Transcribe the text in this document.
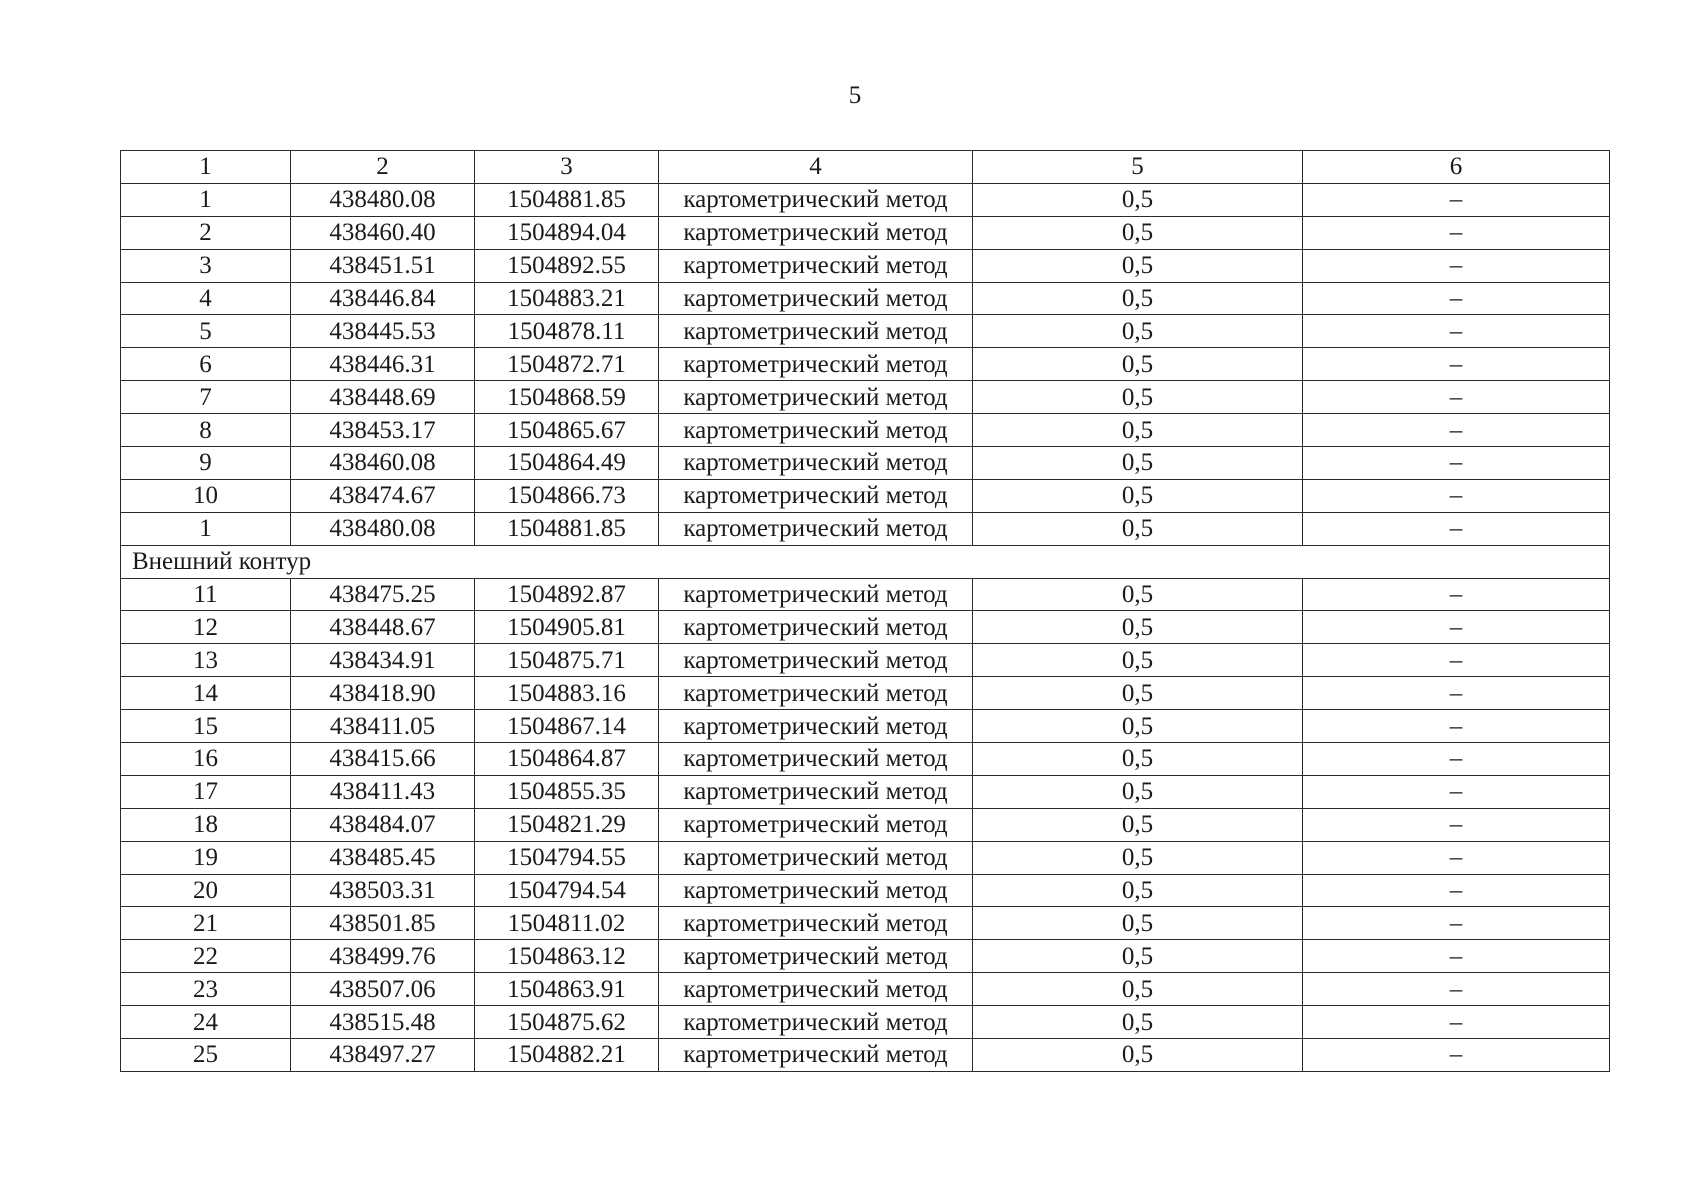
5
1	2	3	4	5	6
1	438480.08	1504881.85	картометрический метод	0,5	–
2	438460.40	1504894.04	картометрический метод	0,5	–
3	438451.51	1504892.55	картометрический метод	0,5	–
4	438446.84	1504883.21	картометрический метод	0,5	–
5	438445.53	1504878.11	картометрический метод	0,5	–
6	438446.31	1504872.71	картометрический метод	0,5	–
7	438448.69	1504868.59	картометрический метод	0,5	–
8	438453.17	1504865.67	картометрический метод	0,5	–
9	438460.08	1504864.49	картометрический метод	0,5	–
10	438474.67	1504866.73	картометрический метод	0,5	–
1	438480.08	1504881.85	картометрический метод	0,5	–
Внешний контур					
11	438475.25	1504892.87	картометрический метод	0,5	–
12	438448.67	1504905.81	картометрический метод	0,5	–
13	438434.91	1504875.71	картометрический метод	0,5	–
14	438418.90	1504883.16	картометрический метод	0,5	–
15	438411.05	1504867.14	картометрический метод	0,5	–
16	438415.66	1504864.87	картометрический метод	0,5	–
17	438411.43	1504855.35	картометрический метод	0,5	–
18	438484.07	1504821.29	картометрический метод	0,5	–
19	438485.45	1504794.55	картометрический метод	0,5	–
20	438503.31	1504794.54	картометрический метод	0,5	–
21	438501.85	1504811.02	картометрический метод	0,5	–
22	438499.76	1504863.12	картометрический метод	0,5	–
23	438507.06	1504863.91	картометрический метод	0,5	–
24	438515.48	1504875.62	картометрический метод	0,5	–
25	438497.27	1504882.21	картометрический метод	0,5	–
